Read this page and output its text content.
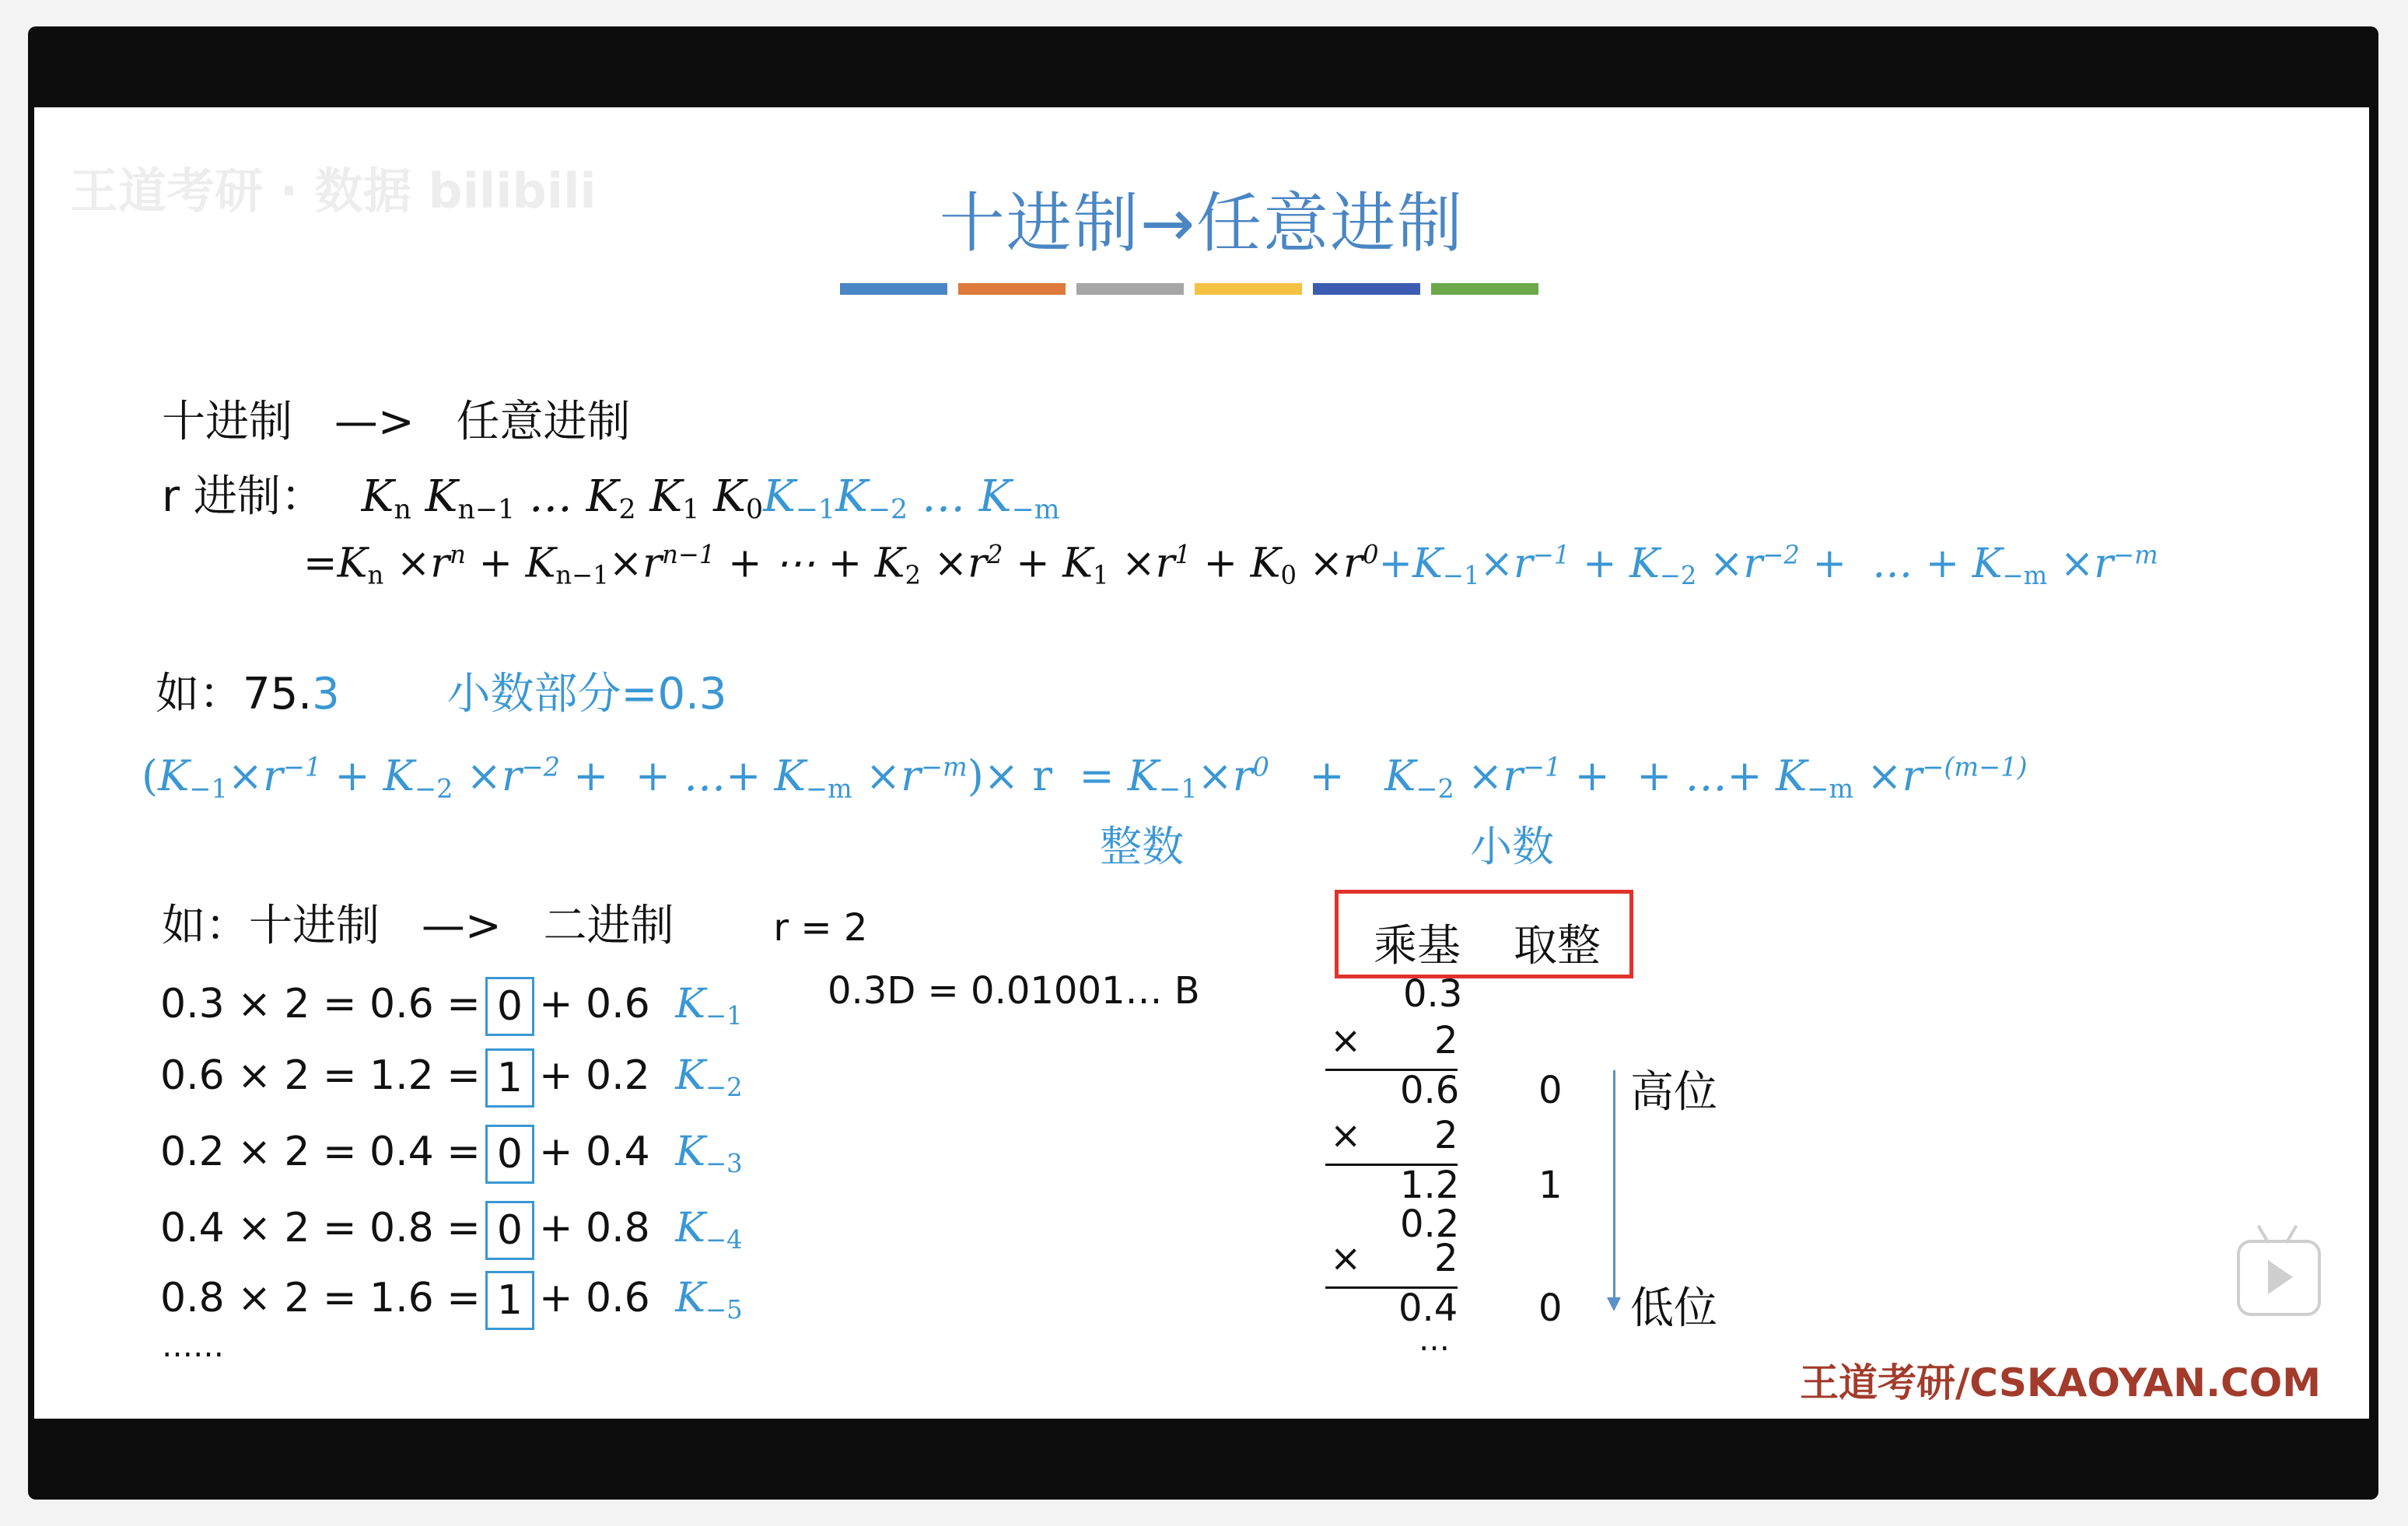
王道考研 · 数据 bilibili	十进制→任意进制
十进制 —> 任意进制
r 进制： $K_n$ $K_{n-1}$ … $K_2$ $K_1$ $K_0K_{-1}K_{-2}$ … $K_{-m}$
$=K_n \times r^n + K_{n-1}\times r^{n-1}$ + ⋯ + $K_2 \times r^2 + K_1 \times r^1 + K_0 \times r^0+K_{-1}\times r^{-1} + K_{-2} \times r^{-2}$ +  … + $K_{-m} \times r^{-m}$
如：75.3 小数部分=0.3
($K_{-1}\times r^{-1} + K_{-2} \times r^{-2}$ +  + …+ $K_{-m} \times r^{-m})\times r = K_{-1}\times r^0 + K_{-2} \times r^{-1}$ +  + …+ $K_{-m} \times r^{-(m-1)}$
整数	小数
如：十进制 —> 二进制	r = 2
0.3D = 0.01001… B
0.3 × 2 = 0.6 = 0 + 0.6 $K_{-1}$
0.6 × 2 = 1.2 = 1 + 0.2 $K_{-2}$
0.2 × 2 = 0.4 = 0 + 0.4 $K_{-3}$
0.4 × 2 = 0.8 = 0 + 0.8 $K_{-4}$
0.8 × 2 = 1.6 = 1 + 0.6 $K_{-5}$
……
乘基 取整
0.3
× 2
0.6 0
× 2
1.2 1
0.2
× 2
0.4 0
…
高位
低位
王道考研/CSKAOYAN.COM
